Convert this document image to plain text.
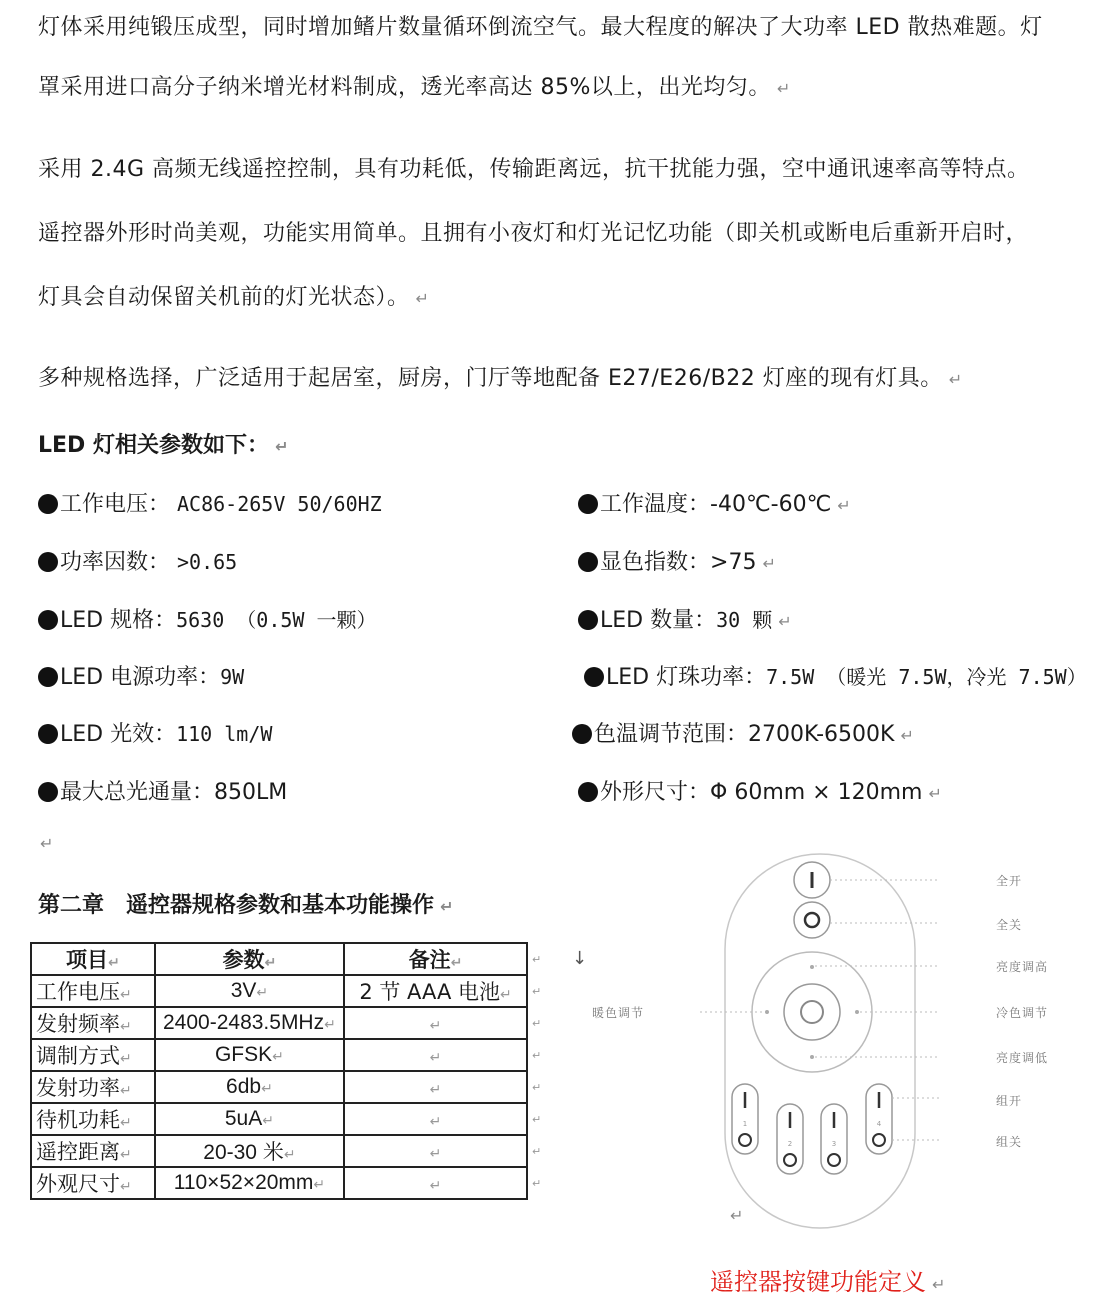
灯体采用纯锻压成型，同时增加鳍片数量循环倒流空气。最大程度的解决了大功率 LED 散热难题。灯
罩采用进口高分子纳米增光材料制成，透光率高达 85%以上，出光均匀。 ↵
采用 2.4G 高频无线遥控控制，具有功耗低，传输距离远，抗干扰能力强，空中通讯速率高等特点。
遥控器外形时尚美观，功能实用简单。且拥有小夜灯和灯光记忆功能（即关机或断电后重新开启时，
灯具会自动保留关机前的灯光状态）。 ↵
多种规格选择，广泛适用于起居室，厨房，门厅等地配备 E27/E26/B22 灯座的现有灯具。 ↵
LED 灯相关参数如下： ↵
工作电压： AC86-265V 50/60HZ	工作温度：-40℃-60℃ ↵
功率因数： >0.65	显色指数：>75 ↵
LED 规格：5630 （0.5W 一颗）	LED 数量：30 颗 ↵
LED 电源功率：9W	LED 灯珠功率：7.5W （暖光 7.5W，冷光 7.5W）
LED 光效：110 lm/W	色温调节范围：2700K-6500K ↵
最大总光通量：850LM	外形尺寸：Φ 60mm × 120mm ↵
↵
第二章　遥控器规格参数和基本功能操作 ↵
项目↵	参数↵	备注↵
工作电压↵	3V↵	2 节 AAA 电池↵
发射频率↵	2400-2483.5MHz↵	↵
调制方式↵	GFSK↵	↵
发射功率↵	6db↵	↵
待机功耗↵	5uA↵	↵
遥控距离↵	20-30 米↵	↵
外观尺寸↵	110×52×20mm↵	↵
↓
1
2	3
4
暖色调节
全开
全关
亮度调高
冷色调节
亮度调低
组开
组关
↵
遥控器按键功能定义 ↵
↵
↵
↵
↵
↵
↵
↵
↵
